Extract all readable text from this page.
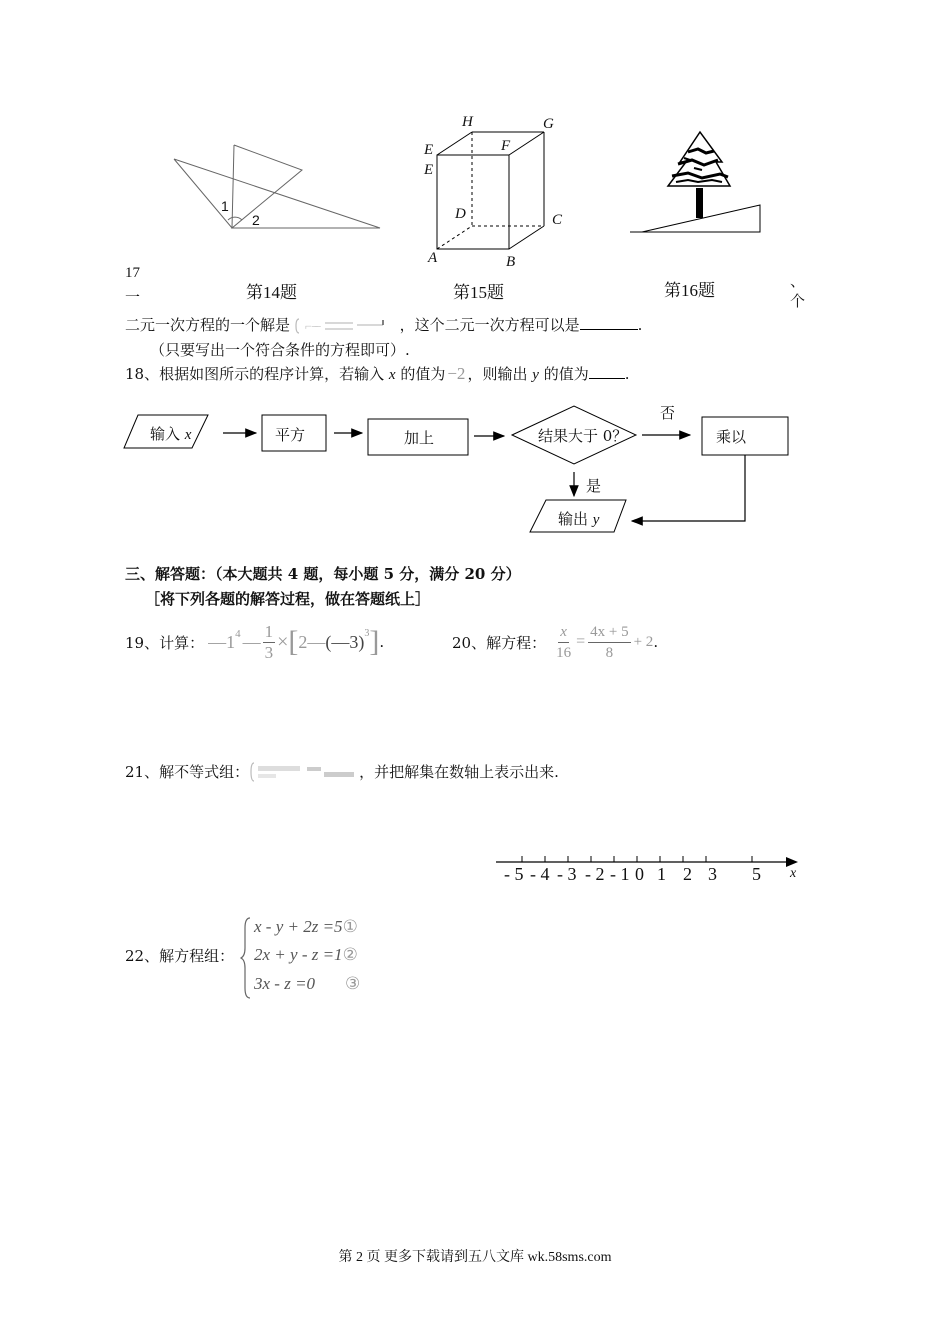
1
2
第14题
H	G
E
E
F
D	C
A	B
第15题	第16题
17
一
、
个
二元一次方程的一个解是 ⌐ ̶ ̶	，这个二元一次方程可以是	.
（只要写出一个符合条件的方程即可）.
18、根据如图所示的程序计算，若输入 x 的值为 −2 ，则输出 y 的值为 .
输入 x	平方	加上	结果大于 0？
否
乘以
是
输出 y
三、解答题：（本大题共 4 题，每小题 5 分，满分 20 分）
［将下列各题的解答过程，做在答题纸上］
19、计算： — $1^4$ — $\frac{1}{3}$ × [ 2 — (—3)$^3$ ] .	20、解方程： $\frac{x}{16} = \frac{4x + 5}{8} + 2$ .
21、解不等式组：	，并把解集在数轴上表示出来.
- 5 - 4 - 3 - 2 - 1 0 1 2 3 5 x
22、解方程组：
x - y + 2z =5①
2x + y - z =1②
3x - z =0 ③
第 2 页 更多下载请到五八文库 wk.58sms.com
